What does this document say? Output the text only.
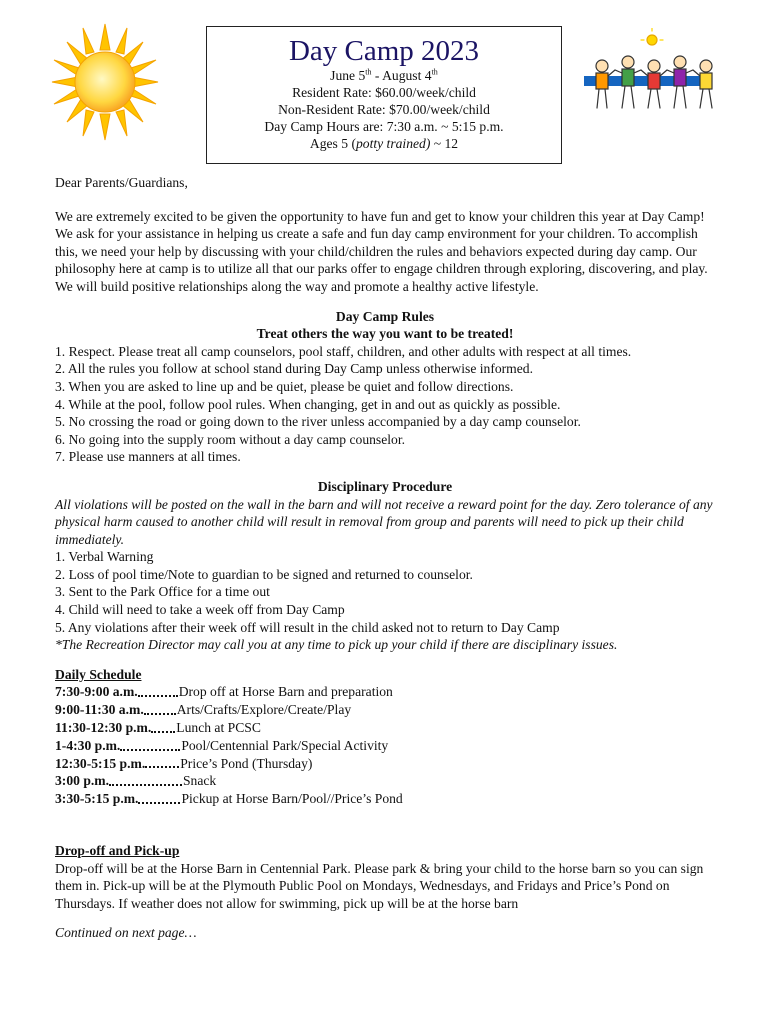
Day Camp 2023
June 5th - August 4th
Resident Rate: $60.00/week/child
Non-Resident Rate: $70.00/week/child
Day Camp Hours are: 7:30 a.m. ~ 5:15 p.m.
Ages 5 (potty trained) ~ 12

Dear Parents/Guardians,

We are extremely excited to be given the opportunity to have fun and get to know your children this year at Day Camp! We ask for your assistance in helping us create a safe and fun day camp environment for your children. To accomplish this, we need your help by discussing with your child/children the rules and behaviors expected during day camp. Our philosophy here at camp is to utilize all that our parks offer to engage children through exploring, discovering, and play. We will build positive relationships along the way and promote a healthy active lifestyle.

Day Camp Rules
Treat others the way you want to be treated!
1. Respect. Please treat all camp counselors, pool staff, children, and other adults with respect at all times.
2. All the rules you follow at school stand during Day Camp unless otherwise informed.
3. When you are asked to line up and be quiet, please be quiet and follow directions.
4. While at the pool, follow pool rules. When changing, get in and out as quickly as possible.
5. No crossing the road or going down to the river unless accompanied by a day camp counselor.
6. No going into the supply room without a day camp counselor.
7. Please use manners at all times.
Disciplinary Procedure

All violations will be posted on the wall in the barn and will not receive a reward point for the day. Zero tolerance of any physical harm caused to another child will result in removal from group and parents will need to pick up their child immediately.

1. Verbal Warning
2. Loss of pool time/Note to guardian to be signed and returned to counselor.
3. Sent to the Park Office for a time out
4. Child will need to take a week off from Day Camp
5. Any violations after their week off will result in the child asked not to return to Day Camp

*The Recreation Director may call you at any time to pick up your child if there are disciplinary issues.

Daily Schedule
7:30-9:00 a.m.	Drop off at Horse Barn and preparation
9:00-11:30 a.m. Arts/Crafts/Explore/Create/Play
11:30-12:30 p.m. Lunch at PCSC
1-4:30 p.m.	Pool/Centennial Park/Special Activity
12:30-5:15 p.m.	Price’s Pond (Thursday)
3:00 p.m.	Snack
3:30-5:15 p.m.	Pickup at Horse Barn/Pool//Price’s Pond
Drop-off and Pick-up

Drop-off will be at the Horse Barn in Centennial Park. Please park & bring your child to the horse barn so you can sign them in. Pick-up will be at the Plymouth Public Pool on Mondays, Wednesdays, and Fridays and Price’s Pond on Thursdays. If weather does not allow for swimming, pick up will be at the horse barn

Continued on next page…
